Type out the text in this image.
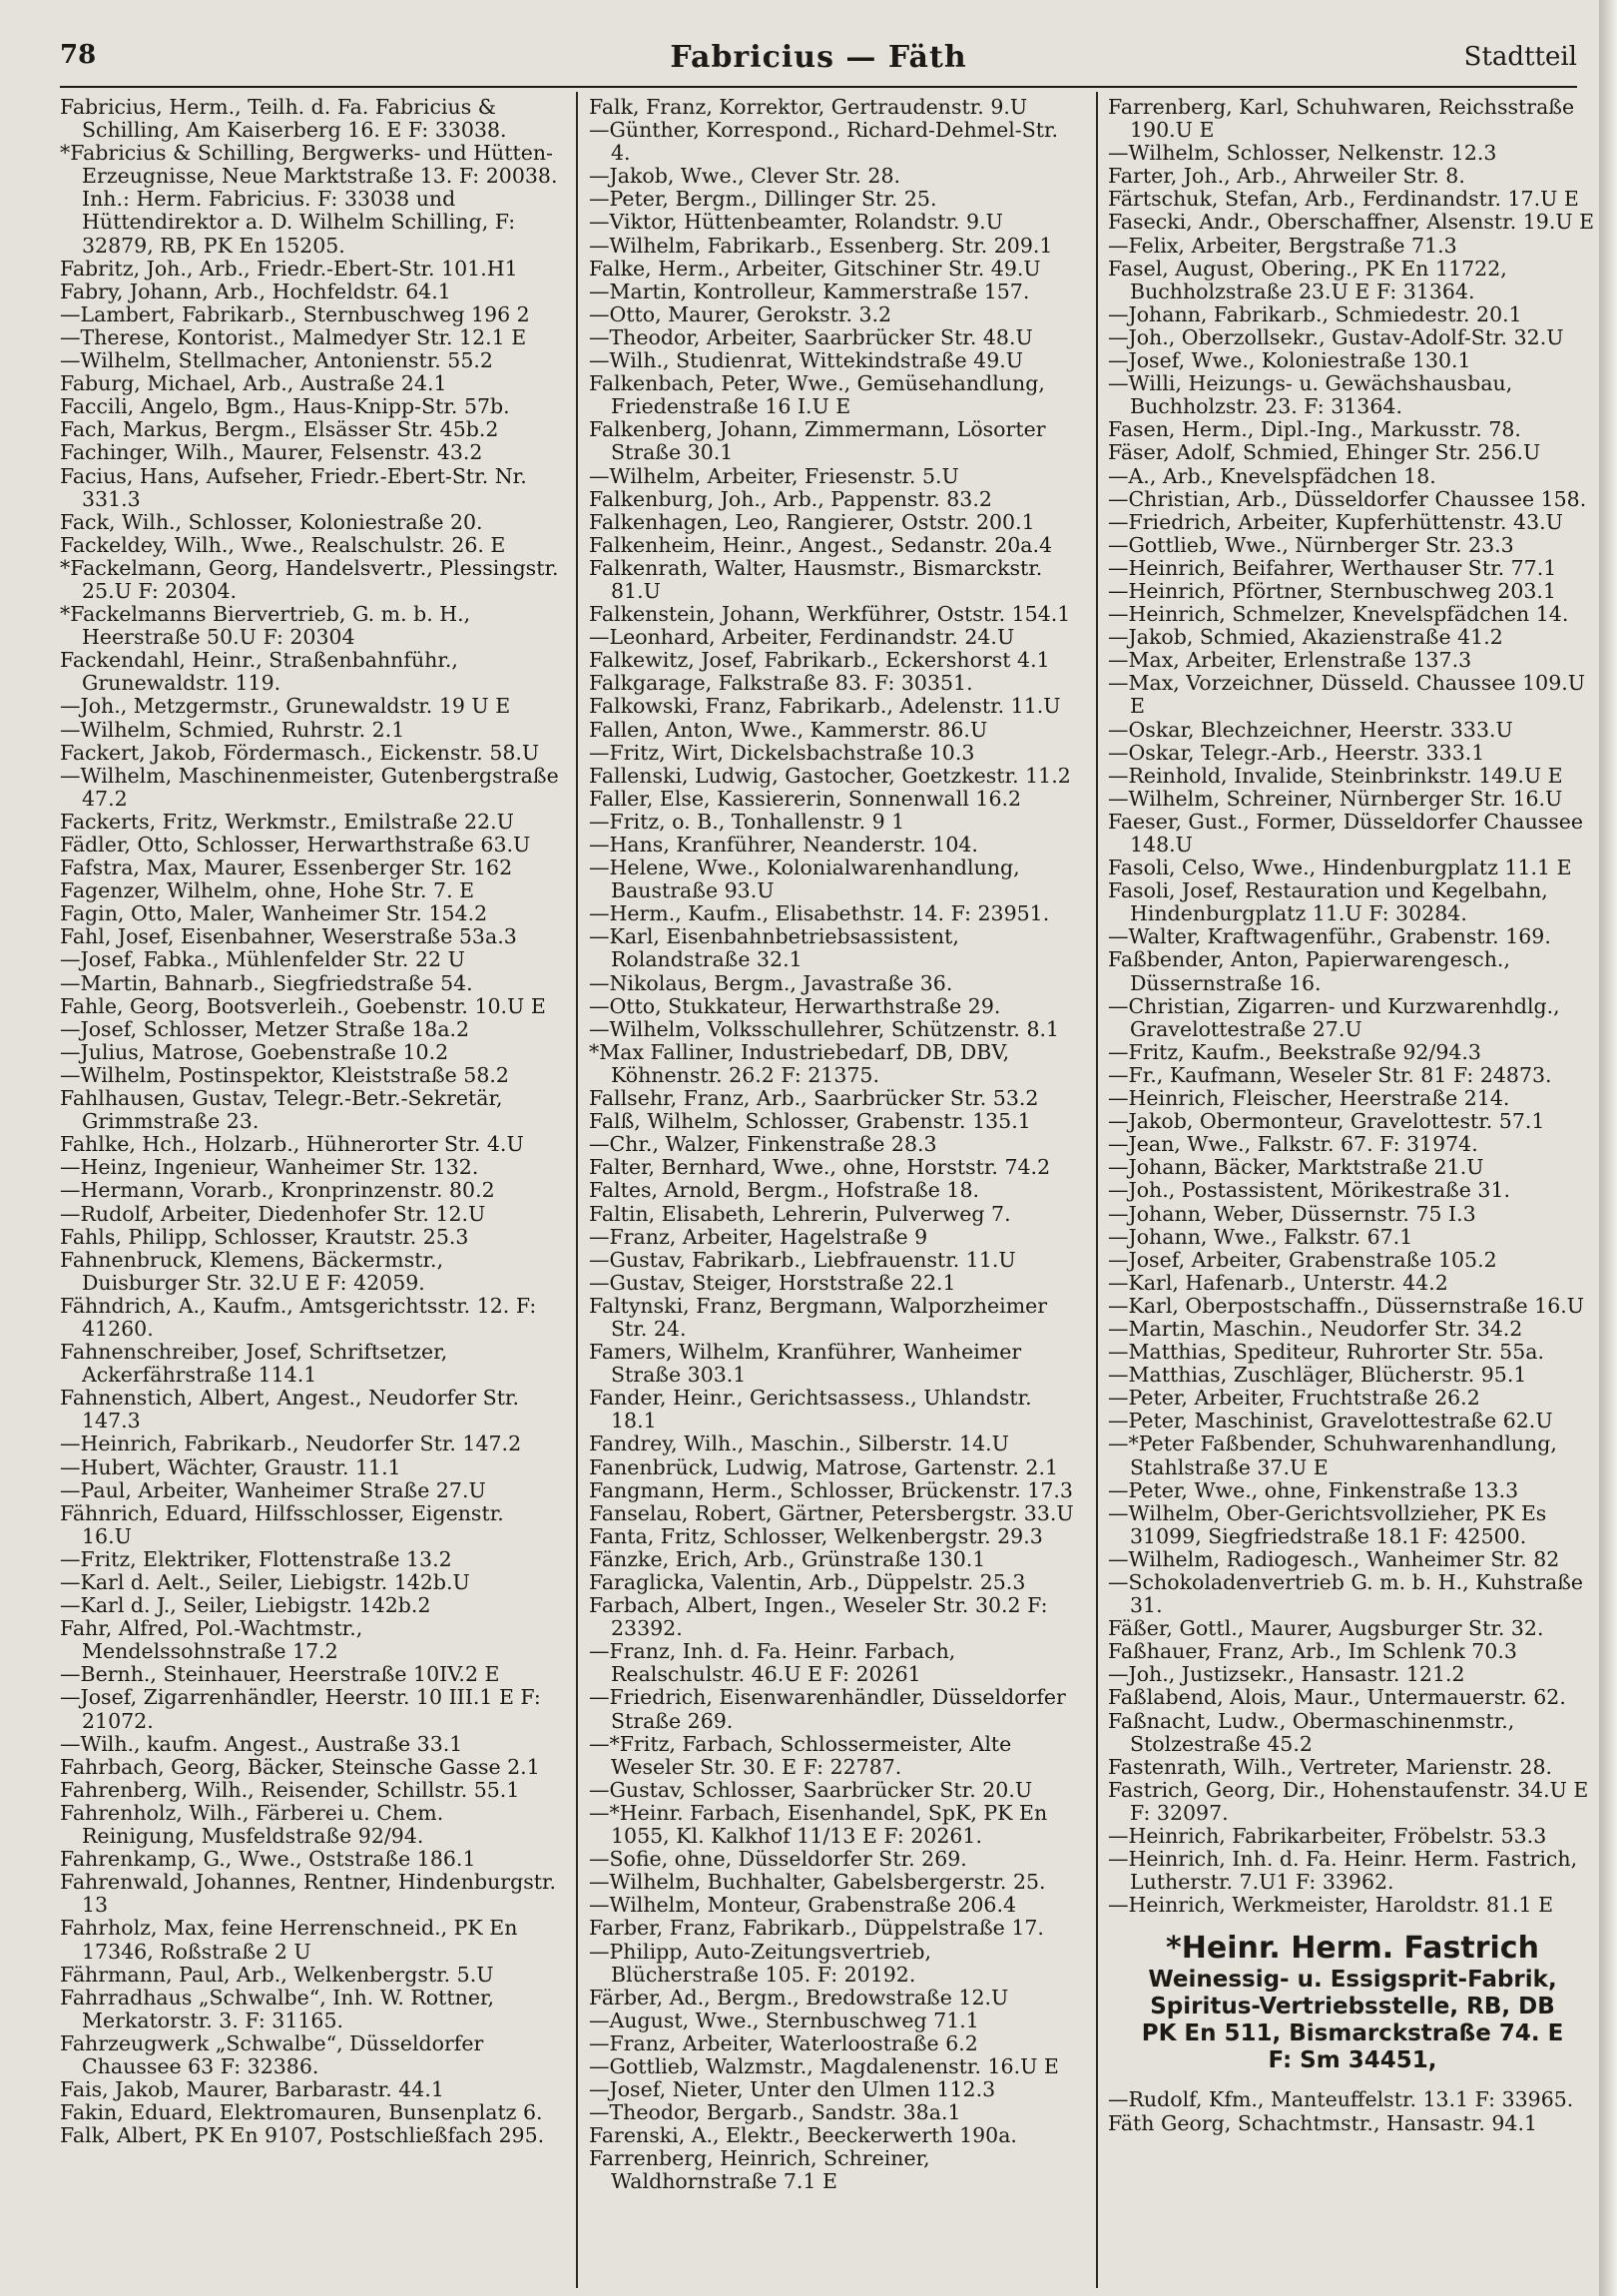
78	Fabricius — Fäth	Stadtteil

Fabricius, Herm., Teilh. d. Fa. Fabricius & Schilling, Am Kaiserberg 16. E F: 33038.

*Fabricius & Schilling, Bergwerks- und Hütten-Erzeugnisse, Neue Marktstraße 13. F: 20038. Inh.: Herm. Fabricius. F: 33038 und Hüttendirektor a. D. Wilhelm Schilling, F: 32879, RB, PK En 15205.

Fabritz, Joh., Arb., Friedr.-Ebert-Str. 101.H1

Fabry, Johann, Arb., Hochfeldstr. 64.1

—Lambert, Fabrikarb., Sternbuschweg 196 2

—Therese, Kontorist., Malmedyer Str. 12.1 E

—Wilhelm, Stellmacher, Antonienstr. 55.2

Faburg, Michael, Arb., Austraße 24.1

Faccili, Angelo, Bgm., Haus-Knipp-Str. 57b.

Fach, Markus, Bergm., Elsässer Str. 45b.2

Fachinger, Wilh., Maurer, Felsenstr. 43.2

Facius, Hans, Aufseher, Friedr.-Ebert-Str. Nr. 331.3

Fack, Wilh., Schlosser, Koloniestraße 20.

Fackeldey, Wilh., Wwe., Realschulstr. 26. E

*Fackelmann, Georg, Handelsvertr., Plessingstr. 25.U F: 20304.

*Fackelmanns Biervertrieb, G. m. b. H., Heerstraße 50.U F: 20304

Fackendahl, Heinr., Straßenbahnführ., Grunewaldstr. 119.

—Joh., Metzgermstr., Grunewaldstr. 19 U E

—Wilhelm, Schmied, Ruhrstr. 2.1

Fackert, Jakob, Fördermasch., Eickenstr. 58.U

—Wilhelm, Maschinenmeister, Gutenbergstraße 47.2

Fackerts, Fritz, Werkmstr., Emilstraße 22.U

Fädler, Otto, Schlosser, Herwarthstraße 63.U

Fafstra, Max, Maurer, Essenberger Str. 162

Fagenzer, Wilhelm, ohne, Hohe Str. 7. E

Fagin, Otto, Maler, Wanheimer Str. 154.2

Fahl, Josef, Eisenbahner, Weserstraße 53a.3

—Josef, Fabka., Mühlenfelder Str. 22 U

—Martin, Bahnarb., Siegfriedstraße 54.

Fahle, Georg, Bootsverleih., Goebenstr. 10.U E

—Josef, Schlosser, Metzer Straße 18a.2

—Julius, Matrose, Goebenstraße 10.2

—Wilhelm, Postinspektor, Kleiststraße 58.2

Fahlhausen, Gustav, Telegr.-Betr.-Sekretär, Grimmstraße 23.

Fahlke, Hch., Holzarb., Hühnerorter Str. 4.U

—Heinz, Ingenieur, Wanheimer Str. 132.

—Hermann, Vorarb., Kronprinzenstr. 80.2

—Rudolf, Arbeiter, Diedenhofer Str. 12.U

Fahls, Philipp, Schlosser, Krautstr. 25.3

Fahnenbruck, Klemens, Bäckermstr., Duisburger Str. 32.U E F: 42059.

Fähndrich, A., Kaufm., Amtsgerichtsstr. 12. F: 41260.

Fahnenschreiber, Josef, Schriftsetzer, Ackerfährstraße 114.1

Fahnenstich, Albert, Angest., Neudorfer Str. 147.3

—Heinrich, Fabrikarb., Neudorfer Str. 147.2

—Hubert, Wächter, Graustr. 11.1

—Paul, Arbeiter, Wanheimer Straße 27.U

Fähnrich, Eduard, Hilfsschlosser, Eigenstr. 16.U

—Fritz, Elektriker, Flottenstraße 13.2

—Karl d. Aelt., Seiler, Liebigstr. 142b.U

—Karl d. J., Seiler, Liebigstr. 142b.2

Fahr, Alfred, Pol.-Wachtmstr., Mendelssohnstraße 17.2

—Bernh., Steinhauer, Heerstraße 10IV.2 E

—Josef, Zigarrenhändler, Heerstr. 10 III.1 E F: 21072.

—Wilh., kaufm. Angest., Austraße 33.1

Fahrbach, Georg, Bäcker, Steinsche Gasse 2.1

Fahrenberg, Wilh., Reisender, Schillstr. 55.1

Fahrenholz, Wilh., Färberei u. Chem. Reinigung, Musfeldstraße 92/94.

Fahrenkamp, G., Wwe., Oststraße 186.1

Fahrenwald, Johannes, Rentner, Hindenburgstr. 13

Fahrholz, Max, feine Herrenschneid., PK En 17346, Roßstraße 2 U

Fährmann, Paul, Arb., Welkenbergstr. 5.U

Fahrradhaus „Schwalbe“, Inh. W. Rottner, Merkatorstr. 3. F: 31165.

Fahrzeugwerk „Schwalbe“, Düsseldorfer Chaussee 63 F: 32386.

Fais, Jakob, Maurer, Barbarastr. 44.1

Fakin, Eduard, Elektromauren, Bunsenplatz 6.

Falk, Albert, PK En 9107, Postschließfach 295.

Falk, Franz, Korrektor, Gertraudenstr. 9.U

—Günther, Korrespond., Richard-Dehmel-Str. 4.

—Jakob, Wwe., Clever Str. 28.

—Peter, Bergm., Dillinger Str. 25.

—Viktor, Hüttenbeamter, Rolandstr. 9.U

—Wilhelm, Fabrikarb., Essenberg. Str. 209.1

Falke, Herm., Arbeiter, Gitschiner Str. 49.U

—Martin, Kontrolleur, Kammerstraße 157.

—Otto, Maurer, Gerokstr. 3.2

—Theodor, Arbeiter, Saarbrücker Str. 48.U

—Wilh., Studienrat, Wittekindstraße 49.U

Falkenbach, Peter, Wwe., Gemüsehandlung, Friedenstraße 16 I.U E

Falkenberg, Johann, Zimmermann, Lösorter Straße 30.1

—Wilhelm, Arbeiter, Friesenstr. 5.U

Falkenburg, Joh., Arb., Pappenstr. 83.2

Falkenhagen, Leo, Rangierer, Oststr. 200.1

Falkenheim, Heinr., Angest., Sedanstr. 20a.4

Falkenrath, Walter, Hausmstr., Bismarckstr. 81.U

Falkenstein, Johann, Werkführer, Oststr. 154.1

—Leonhard, Arbeiter, Ferdinandstr. 24.U

Falkewitz, Josef, Fabrikarb., Eckershorst 4.1

Falkgarage, Falkstraße 83. F: 30351.

Falkowski, Franz, Fabrikarb., Adelenstr. 11.U

Fallen, Anton, Wwe., Kammerstr. 86.U

—Fritz, Wirt, Dickelsbachstraße 10.3

Fallenski, Ludwig, Gastocher, Goetzkestr. 11.2

Faller, Else, Kassiererin, Sonnenwall 16.2

—Fritz, o. B., Tonhallenstr. 9 1

—Hans, Kranführer, Neanderstr. 104.

—Helene, Wwe., Kolonialwarenhandlung, Baustraße 93.U

—Herm., Kaufm., Elisabethstr. 14. F: 23951.

—Karl, Eisenbahnbetriebsassistent, Rolandstraße 32.1

—Nikolaus, Bergm., Javastraße 36.

—Otto, Stukkateur, Herwarthstraße 29.

—Wilhelm, Volksschullehrer, Schützenstr. 8.1

*Max Falliner, Industriebedarf, DB, DBV, Köhnenstr. 26.2 F: 21375.

Fallsehr, Franz, Arb., Saarbrücker Str. 53.2

Falß, Wilhelm, Schlosser, Grabenstr. 135.1

—Chr., Walzer, Finkenstraße 28.3

Falter, Bernhard, Wwe., ohne, Horststr. 74.2

Faltes, Arnold, Bergm., Hofstraße 18.

Faltin, Elisabeth, Lehrerin, Pulverweg 7.

—Franz, Arbeiter, Hagelstraße 9

—Gustav, Fabrikarb., Liebfrauenstr. 11.U

—Gustav, Steiger, Horststraße 22.1

Faltynski, Franz, Bergmann, Walporzheimer Str. 24.

Famers, Wilhelm, Kranführer, Wanheimer Straße 303.1

Fander, Heinr., Gerichtsassess., Uhlandstr. 18.1

Fandrey, Wilh., Maschin., Silberstr. 14.U

Fanenbrück, Ludwig, Matrose, Gartenstr. 2.1

Fangmann, Herm., Schlosser, Brückenstr. 17.3

Fanselau, Robert, Gärtner, Petersbergstr. 33.U

Fanta, Fritz, Schlosser, Welkenbergstr. 29.3

Fänzke, Erich, Arb., Grünstraße 130.1

Faraglicka, Valentin, Arb., Düppelstr. 25.3

Farbach, Albert, Ingen., Weseler Str. 30.2 F: 23392.

—Franz, Inh. d. Fa. Heinr. Farbach, Realschulstr. 46.U E F: 20261

—Friedrich, Eisenwarenhändler, Düsseldorfer Straße 269.

—*Fritz, Farbach, Schlossermeister, Alte Weseler Str. 30. E F: 22787.

—Gustav, Schlosser, Saarbrücker Str. 20.U

—*Heinr. Farbach, Eisenhandel, SpK, PK En 1055, Kl. Kalkhof 11/13 E F: 20261.

—Sofie, ohne, Düsseldorfer Str. 269.

—Wilhelm, Buchhalter, Gabelsbergerstr. 25.

—Wilhelm, Monteur, Grabenstraße 206.4

Farber, Franz, Fabrikarb., Düppelstraße 17.

—Philipp, Auto-Zeitungsvertrieb, Blücherstraße 105. F: 20192.

Färber, Ad., Bergm., Bredowstraße 12.U

—August, Wwe., Sternbuschweg 71.1

—Franz, Arbeiter, Waterloostraße 6.2

—Gottlieb, Walzmstr., Magdalenenstr. 16.U E

—Josef, Nieter, Unter den Ulmen 112.3

—Theodor, Bergarb., Sandstr. 38a.1

Farenski, A., Elektr., Beeckerwerth 190a.

Farrenberg, Heinrich, Schreiner, Waldhornstraße 7.1 E

Farrenberg, Karl, Schuhwaren, Reichsstraße 190.U E

—Wilhelm, Schlosser, Nelkenstr. 12.3

Farter, Joh., Arb., Ahrweiler Str. 8.

Färtschuk, Stefan, Arb., Ferdinandstr. 17.U E

Fasecki, Andr., Oberschaffner, Alsenstr. 19.U E

—Felix, Arbeiter, Bergstraße 71.3

Fasel, August, Obering., PK En 11722, Buchholzstraße 23.U E F: 31364.

—Johann, Fabrikarb., Schmiedestr. 20.1

—Joh., Oberzollsekr., Gustav-Adolf-Str. 32.U

—Josef, Wwe., Koloniestraße 130.1

—Willi, Heizungs- u. Gewächshausbau, Buchholzstr. 23. F: 31364.

Fasen, Herm., Dipl.-Ing., Markusstr. 78.

Fäser, Adolf, Schmied, Ehinger Str. 256.U

—A., Arb., Knevelspfädchen 18.

—Christian, Arb., Düsseldorfer Chaussee 158.

—Friedrich, Arbeiter, Kupferhüttenstr. 43.U

—Gottlieb, Wwe., Nürnberger Str. 23.3

—Heinrich, Beifahrer, Werthauser Str. 77.1

—Heinrich, Pförtner, Sternbuschweg 203.1

—Heinrich, Schmelzer, Knevelspfädchen 14.

—Jakob, Schmied, Akazienstraße 41.2

—Max, Arbeiter, Erlenstraße 137.3

—Max, Vorzeichner, Düsseld. Chaussee 109.U E

—Oskar, Blechzeichner, Heerstr. 333.U

—Oskar, Telegr.-Arb., Heerstr. 333.1

—Reinhold, Invalide, Steinbrinkstr. 149.U E

—Wilhelm, Schreiner, Nürnberger Str. 16.U

Faeser, Gust., Former, Düsseldorfer Chaussee 148.U

Fasoli, Celso, Wwe., Hindenburgplatz 11.1 E

Fasoli, Josef, Restauration und Kegelbahn, Hindenburgplatz 11.U F: 30284.

—Walter, Kraftwagenführ., Grabenstr. 169.

Faßbender, Anton, Papierwarengesch., Düssernstraße 16.

—Christian, Zigarren- und Kurzwarenhdlg., Gravelottestraße 27.U

—Fritz, Kaufm., Beekstraße 92/94.3

—Fr., Kaufmann, Weseler Str. 81 F: 24873.

—Heinrich, Fleischer, Heerstraße 214.

—Jakob, Obermonteur, Gravelottestr. 57.1

—Jean, Wwe., Falkstr. 67. F: 31974.

—Johann, Bäcker, Marktstraße 21.U

—Joh., Postassistent, Mörikestraße 31.

—Johann, Weber, Düssernstr. 75 I.3

—Johann, Wwe., Falkstr. 67.1

—Josef, Arbeiter, Grabenstraße 105.2

—Karl, Hafenarb., Unterstr. 44.2

—Karl, Oberpostschaffn., Düssernstraße 16.U

—Martin, Maschin., Neudorfer Str. 34.2

—Matthias, Spediteur, Ruhrorter Str. 55a.

—Matthias, Zuschläger, Blücherstr. 95.1

—Peter, Arbeiter, Fruchtstraße 26.2

—Peter, Maschinist, Gravelottestraße 62.U

—*Peter Faßbender, Schuhwarenhandlung, Stahlstraße 37.U E

—Peter, Wwe., ohne, Finkenstraße 13.3

—Wilhelm, Ober-Gerichtsvollzieher, PK Es 31099, Siegfriedstraße 18.1 F: 42500.

—Wilhelm, Radiogesch., Wanheimer Str. 82

—Schokoladenvertrieb G. m. b. H., Kuhstraße 31.

Fäßer, Gottl., Maurer, Augsburger Str. 32.

Faßhauer, Franz, Arb., Im Schlenk 70.3

—Joh., Justizsekr., Hansastr. 121.2

Faßlabend, Alois, Maur., Untermauerstr. 62.

Faßnacht, Ludw., Obermaschinenmstr., Stolzestraße 45.2

Fastenrath, Wilh., Vertreter, Marienstr. 28.

Fastrich, Georg, Dir., Hohenstaufenstr. 34.U E F: 32097.

—Heinrich, Fabrikarbeiter, Fröbelstr. 53.3

—Heinrich, Inh. d. Fa. Heinr. Herm. Fastrich, Lutherstr. 7.U1 F: 33962.

—Heinrich, Werkmeister, Haroldstr. 81.1 E

*Heinr. Herm. Fastrich
Weinessig- u. Essigsprit-Fabrik,
Spiritus-Vertriebsstelle, RB, DB
PK En 511, Bismarckstraße 74. E
F: Sm 34451,

—Rudolf, Kfm., Manteuffelstr. 13.1 F: 33965.

Fäth Georg, Schachtmstr., Hansastr. 94.1
